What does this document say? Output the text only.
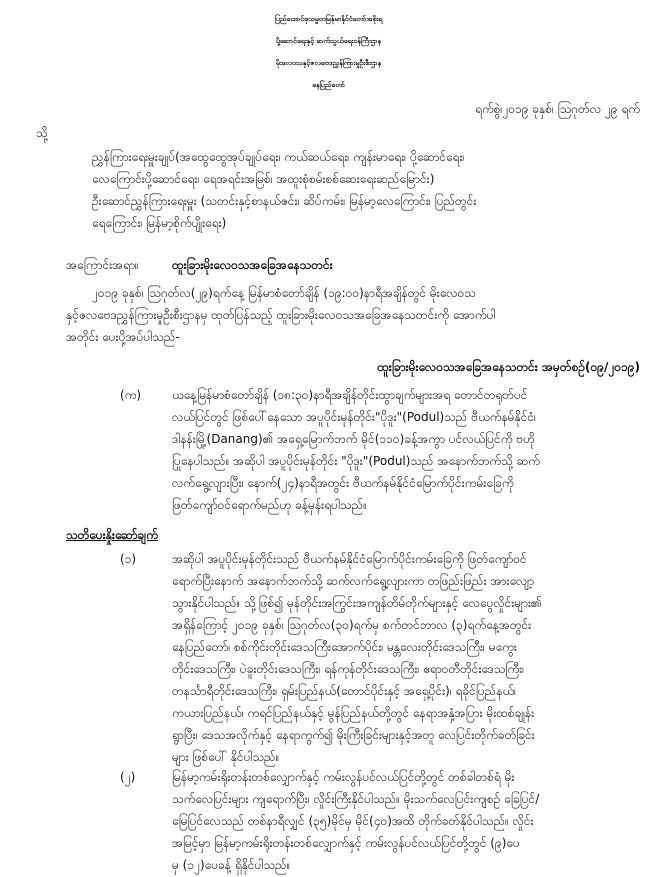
ပြည်ထောင်စုသမ္မတမြန်မာနိုင်ငံတော်အစိုးရ
ပို့ဆောင်ရေးနှင့် ဆက်သွယ်ရေးဝန်ကြီးဌာန
မိုးလေဝသနှင့်ဇလဗေဒညွှန်ကြားမှုဦးစီးဌာန
နေပြည်တော်
ရက်စွဲ၊၂၀၁၉ ခုနှစ်၊ ဩဂုတ်လ ၂၉ ရက်
သို့
ညွှန်ကြားရေးမှူးချုပ်(အထွေထွေအုပ်ချုပ်ရေး၊ ကယ်ဆယ်ရေး၊ ကျန်းမာရေး၊ ပို့ဆောင်ရေး၊
လေကြောင်းပို့ဆောင်ရေး၊ ရေအရင်းအမြစ်၊ အထူးစုံစမ်းစစ်ဆေးရေးဆည်မြောင်း)
ဦးဆောင်ညွှန်ကြားရေးမှူး (သတင်းနှင့်စာနယ်ဇင်း၊ ဆိပ်ကမ်း၊ မြန်မာ့လေကြောင်း၊ ပြည်တွင်း
ရေကြောင်း၊ မြန်မာ့စိုက်ပျိုးရေး)
အကြောင်းအရာ။	ထူးခြားမိုးလေဝသအခြေအနေသတင်း
၂၀၁၉ ခုနှစ်၊ ဩဂုတ်လ(၂၉)ရက်နေ့ မြန်မာစံတော်ချိန် (၁၉:၀၀)နာရီအချိန်တွင် မိုးလေဝသ
နှင့်ဇလဗေဒညွှန်ကြားမှုဦးစီးဌာနမှ ထုတ်ပြန်သည့် ထူးခြားမိုးလေဝသအခြေအနေသတင်းကို အောက်ပါ
အတိုင်း ပေးပို့အပ်ပါသည်-
ထူးခြားမိုးလေဝသအခြေအနေသတင်း အမှတ်စဉ်(၀၉/၂၀၁၉)
(က)	ယနေ့မြန်မာစံတော်ချိန် (၁၈:၃၀)နာရီအချိန်တိုင်းထွာချက်များအရ တောင်တရုတ်ပင်
လယ်ပြင်တွင် ဖြစ်ပေါ်နေသော အပူပိုင်းမုန်တိုင်း"ပိုဒူး"(Podul)သည် ဗီယက်နမ်နိုင်ငံ၊
ဒါနန်းမြို့(Danang)၏ အရှေ့မြောက်ဘက် မိုင်(၁၁၀)ခန့်အကွာ ပင်လယ်ပြင်ကို ဗဟို
ပြုနေပါသည်။ အဆိုပါ အပူပိုင်းမုန်တိုင်း "ပိုဒူး"(Podul)သည် အနောက်ဘက်သို့ ဆက်
လက်ရွေ့လျားပြီး၊ နောက်(၂၄)နာရီအတွင်း ဗီယက်နမ်နိုင်ငံမြောက်ပိုင်းကမ်းခြေကို
ဖြတ်ကျော်ဝင်ရောက်မည်ဟု ခန့်မှန်းရပါသည်။
သတိပေးနှိုးဆော်ချက်
(၁)	အဆိုပါ အပူပိုင်းမုန်တိုင်းသည် ဗီယက်နမ်နိုင်ငံမြောက်ပိုင်းကမ်းခြေကို ဖြတ်ကျော်ဝင်
ရောက်ပြီးနောက် အနောက်ဘက်သို့ ဆက်လက်ရွေ့လျားကာ တဖြည်းဖြည်း အားလျော့
သွားနိုင်ပါသည်။ သို့ဖြစ်၍ မုန်တိုင်းအကြွင်းအကျန်တိမ်တိုက်များနှင့် လေပွေလှိုင်းများ၏
အရှိန်ကြောင့် ၂၀၁၉ ခုနှစ်၊ ဩဂုတ်လ(၃၀)ရက်မှ စက်တင်ဘာလ (၃)ရက်နေ့အတွင်း
နေပြည်တော်၊ စစ်ကိုင်းတိုင်းဒေသကြီးအောက်ပိုင်း၊ မန္တလေးတိုင်းဒေသကြီး၊ မကွေး
တိုင်းဒေသကြီး၊ ပဲခူးတိုင်းဒေသကြီး၊ ရန်ကုန်တိုင်းဒေသကြီး၊ ဧရာဝတီတိုင်းဒေသကြီး၊
တနင်္သာရီတိုင်းဒေသကြီး၊ ရှမ်းပြည်နယ်(တောင်ပိုင်းနှင့် အရှေ့ပိုင်း)၊ ရခိုင်ပြည်နယ်၊
ကယားပြည်နယ်၊ ကရင်ပြည်နယ်နှင့် မွန်ပြည်နယ်တို့တွင် နေရာအနှံ့အပြား မိုးထစ်ချုန်း
ရွာပြီး၊ ဒေသအလိုက်နှင့် နေရာကွက်၍ မိုးကြီးခြင်းများနှင့်အတူ လေပြင်းတိုက်ခတ်ခြင်း
များ ဖြစ်ပေါ် နိုင်ပါသည်။
(၂)	မြန်မာ့ကမ်းရိုးတန်းတစ်လျှောက်နှင့် ကမ်းလွန်ပင်လယ်ပြင်တို့တွင် တစ်ခါတစ်ရံ မိုး
သက်လေပြင်းများ ကျရောက်ပြီး၊ လှိုင်းကြီးနိုင်ပါသည်။ မိုးသက်လေပြင်းကျစဉ် ခြေပြင်/
မြေပြင်လေသည် တစ်နာရီလျှင် (၃၅)မိုင်မှ မိုင်(၄၀)အထိ တိုက်ခတ်နိုင်ပါသည်။ လှိုင်း
အမြင့်မှာ မြန်မာ့ကမ်းရိုးတန်းတစ်လျှောက်နှင့် ကမ်းလွန်ပင်လယ်ပြင်တို့တွင် (၉)ပေ
မှ (၁၂)ပေခန့် ရှိနိုင်ပါသည်။
